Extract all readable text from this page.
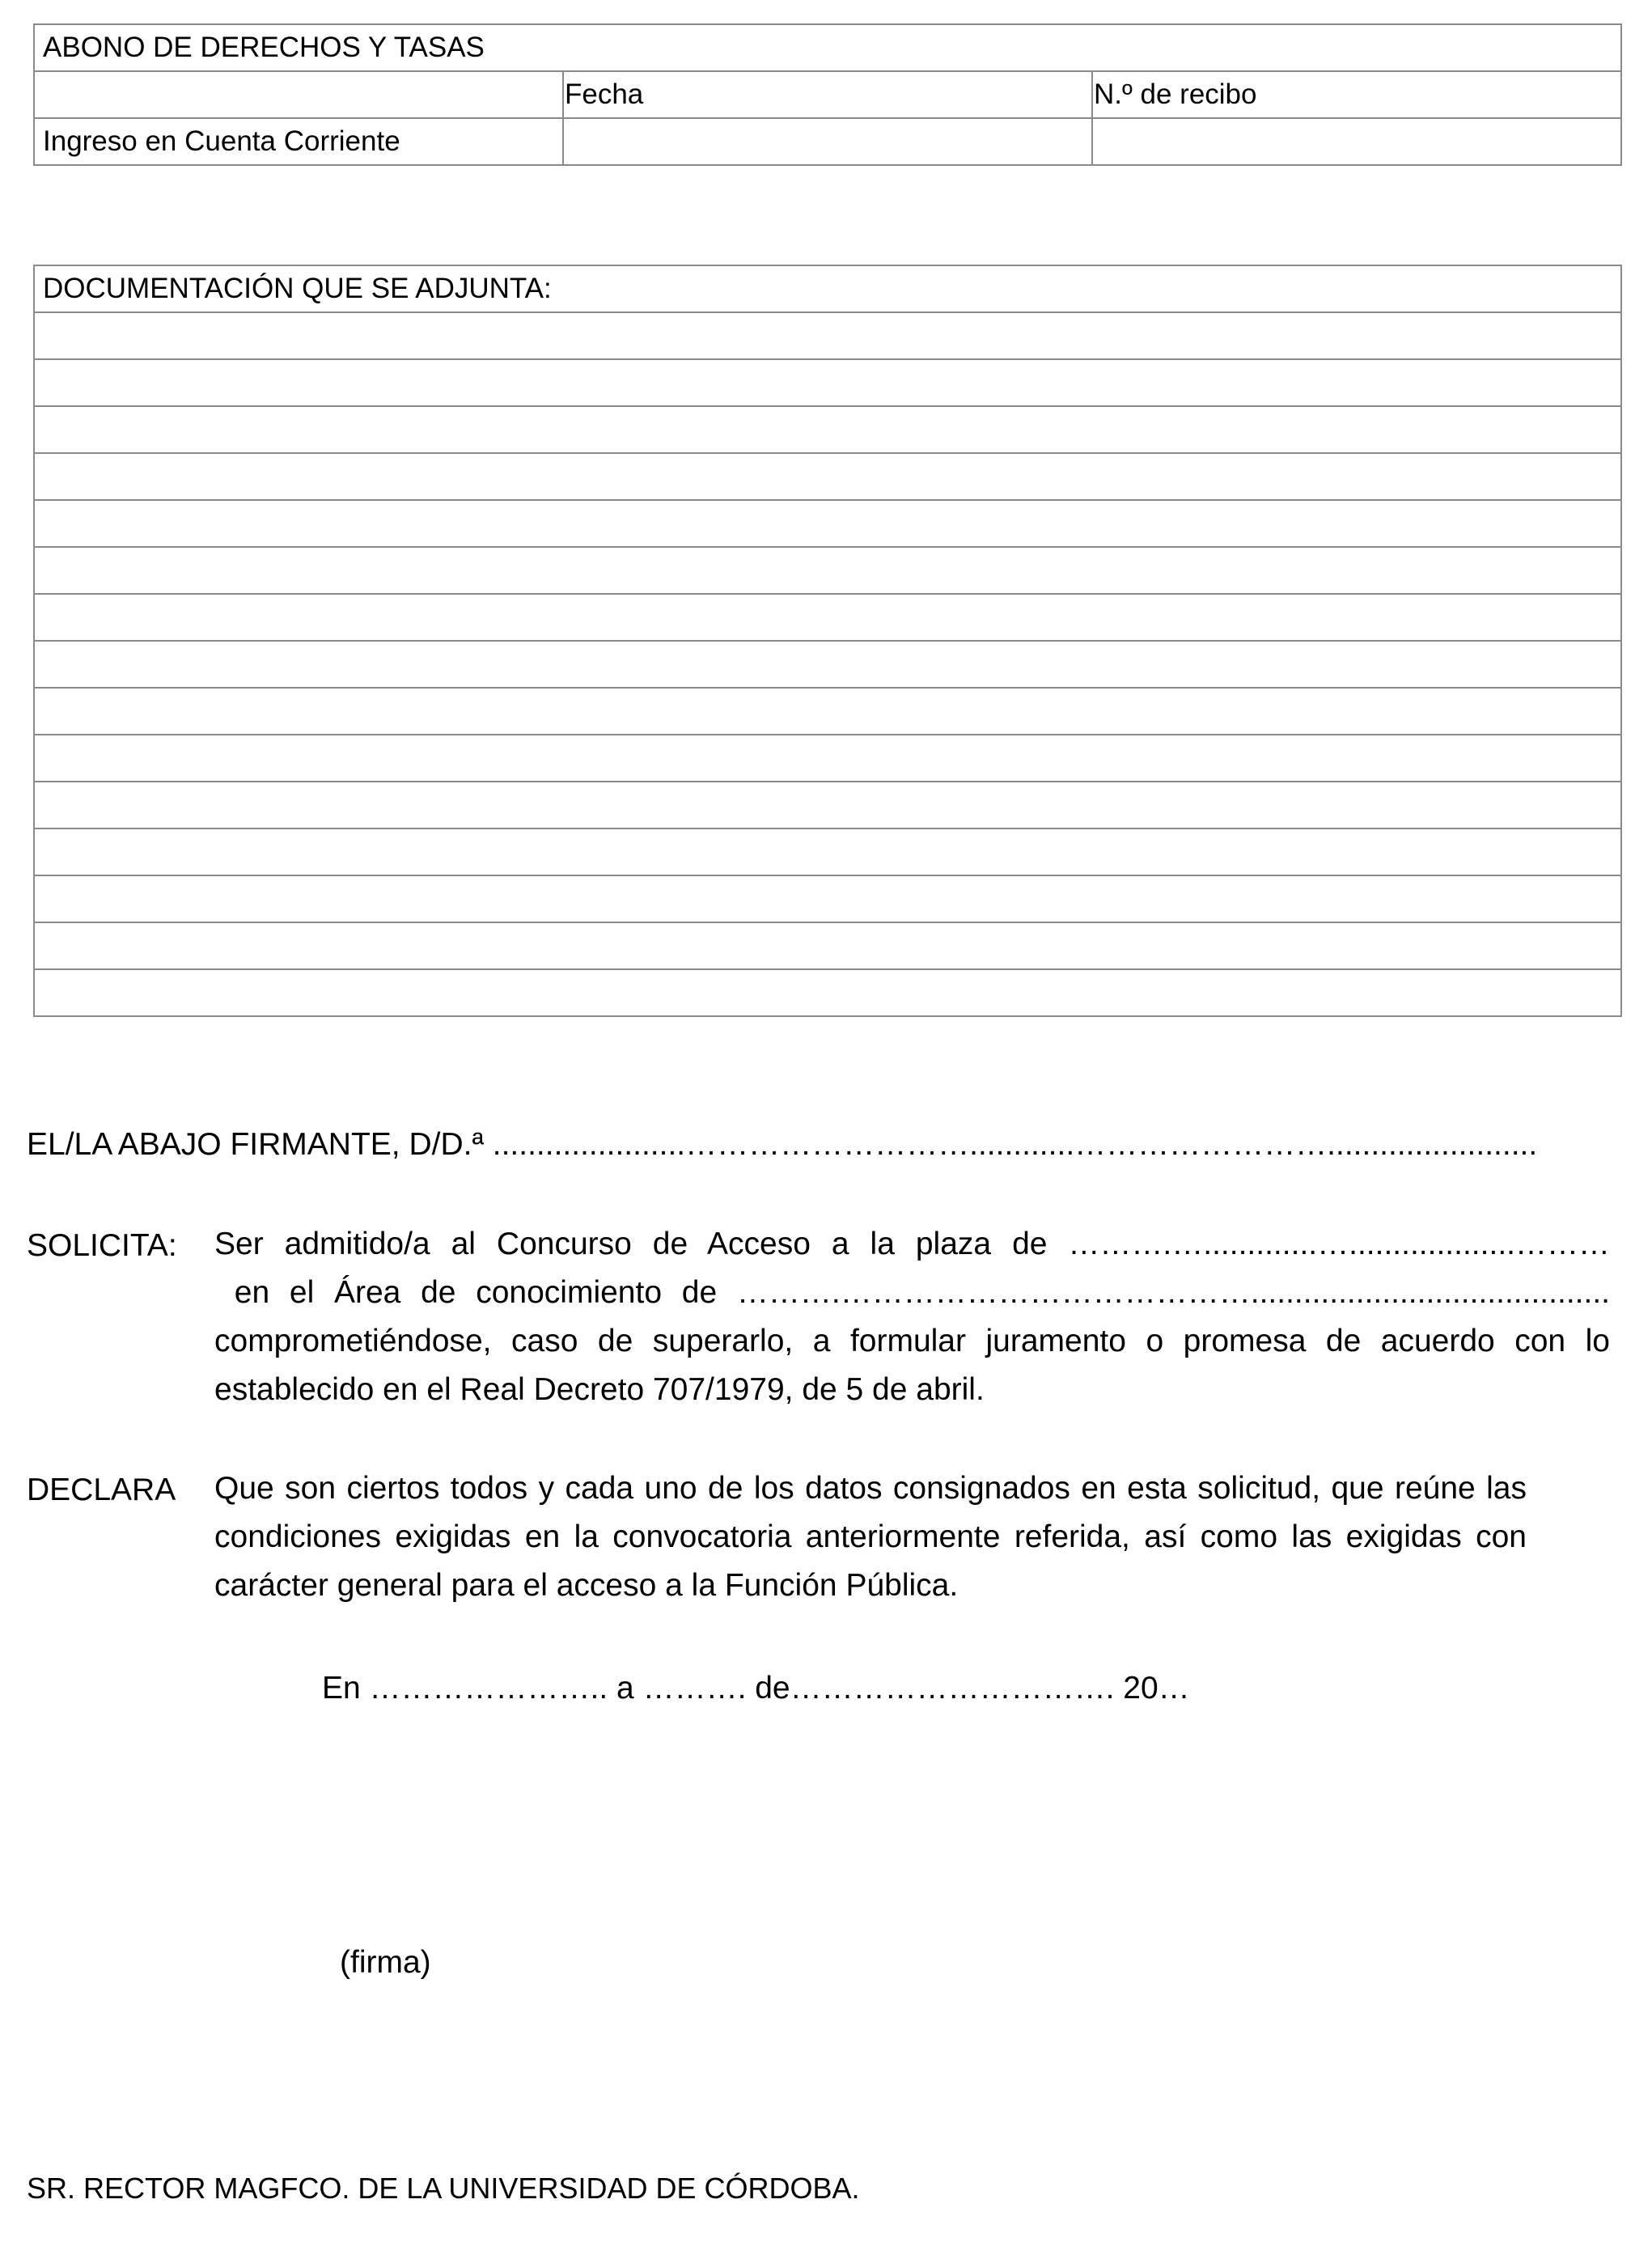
ABONO DE DERECHOS Y TASAS		
	Fecha	N.º de recibo
Ingreso en Cuenta Corriente		
DOCUMENTACIÓN QUE SE ADJUNTA:

EL/LA ABAJO FIRMANTE, D/D.ª ......................………………………............……………………........................
SOLICITA: Ser admitido/a al Concurso de Acceso a la plaza de ……….….............…...................………
en el Área de conocimiento de ……….………………………………….........................................
comprometiéndose, caso de superarlo, a formular juramento o promesa de acuerdo con lo
establecido en el Real Decreto 707/1979, de 5 de abril.
DECLARA Que son ciertos todos y cada uno de los datos consignados en esta solicitud, que reúne las
condiciones exigidas en la convocatoria anteriormente referida, así como las exigidas con
carácter general para el acceso a la Función Pública.
En ………………….. a ………. de…………………………. 20…
(firma)
SR. RECTOR MAGFCO. DE LA UNIVERSIDAD DE CÓRDOBA.
